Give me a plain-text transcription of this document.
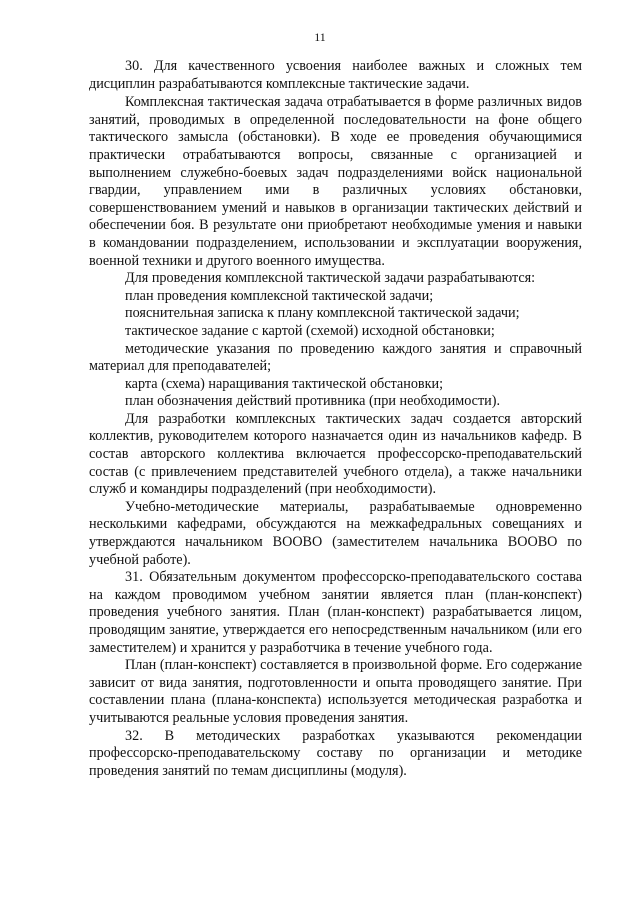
11

30. Для качественного усвоения наиболее важных и сложных тем дисциплин разрабатываются комплексные тактические задачи.

Комплексная тактическая задача отрабатывается в форме различных видов занятий, проводимых в определенной последовательности на фоне общего тактического замысла (обстановки). В ходе ее проведения обучающимися практически отрабатываются вопросы, связанные с организацией и выполнением служебно-боевых задач подразделениями войск национальной гвардии, управлением ими в различных условиях обстановки, совершенствованием умений и навыков в организации тактических действий и обеспечении боя. В результате они приобретают необходимые умения и навыки в командовании подразделением, использовании и эксплуатации вооружения, военной техники и другого военного имущества.

Для проведения комплексной тактической задачи разрабатываются:

план проведения комплексной тактической задачи;

пояснительная записка к плану комплексной тактической задачи;

тактическое задание с картой (схемой) исходной обстановки;

методические указания по проведению каждого занятия и справочный материал для преподавателей;

карта (схема) наращивания тактической обстановки;

план обозначения действий противника (при необходимости).

Для разработки комплексных тактических задач создается авторский коллектив, руководителем которого назначается один из начальников кафедр. В состав авторского коллектива включается профессорско-преподавательский состав (с привлечением представителей учебного отдела), а также начальники служб и командиры подразделений (при необходимости).

Учебно-методические материалы, разрабатываемые одновременно несколькими кафедрами, обсуждаются на межкафедральных совещаниях и утверждаются начальником ВООВО (заместителем начальника ВООВО по учебной работе).

31. Обязательным документом профессорско-преподавательского состава на каждом проводимом учебном занятии является план (план-конспект) проведения учебного занятия. План (план-конспект) разрабатывается лицом, проводящим занятие, утверждается его непосредственным начальником (или его заместителем) и хранится у разработчика в течение учебного года.

План (план-конспект) составляется в произвольной форме. Его содержание зависит от вида занятия, подготовленности и опыта проводящего занятие. При составлении плана (плана-конспекта) используется методическая разработка и учитываются реальные условия проведения занятия.

32. В методических разработках указываются рекомендации профессорско-преподавательскому составу по организации и методике проведения занятий по темам дисциплины (модуля).
